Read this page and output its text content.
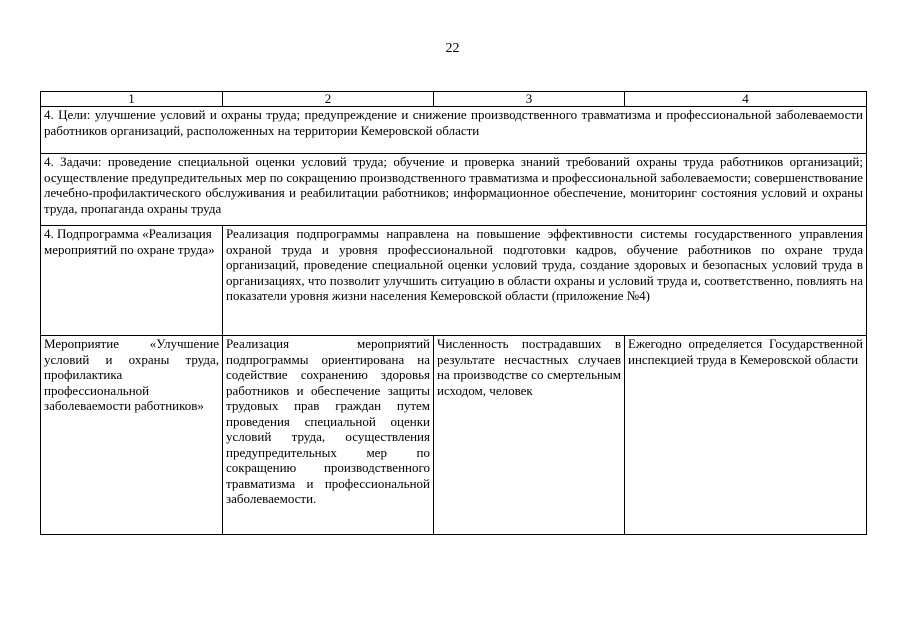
22
1	2	3	4
4. Цели: улучшение условий и охраны труда; предупреждение и снижение производственного травматизма и профессиональной заболеваемости работников организаций, расположенных на территории Кемеровской области			
4. Задачи: проведение специальной оценки условий труда; обучение и проверка знаний требований охраны труда работников организаций; осуществление предупредительных мер по сокращению производственного травматизма и профессиональной заболеваемости; совершенствование лечебно-профилактического обслуживания и реабилитации работников; информационное обеспечение, мониторинг состояния условий и охраны труда, пропаганда охраны труда			
4. Подпрограмма «Реализация мероприятий по охране труда»	Реализация подпрограммы направлена на повышение эффективности системы государственного управления охраной труда и уровня профессиональной подготовки кадров, обучение работников по охране труда организаций, проведение специальной оценки условий труда, создание здоровых и безопасных условий труда в организациях, что позволит улучшить ситуацию в области охраны и условий труда и, соответственно, повлиять на показатели уровня жизни населения Кемеровской области (приложение №4)		
Мероприятие «Улучшение условий и охраны труда, профилактика профессиональной заболеваемости работников»	Реализация мероприятий подпрограммы ориентирована на содействие сохранению здоровья работников и обеспечение защиты трудовых прав граждан путем проведения специальной оценки условий труда, осуществления предупредительных мер по сокращению производственного травматизма и профессиональной заболеваемости.	Численность пострадавших в результате несчастных случаев на производстве со смертельным исходом, человек	Ежегодно определяется Государственной инспекцией труда в Кемеровской области
